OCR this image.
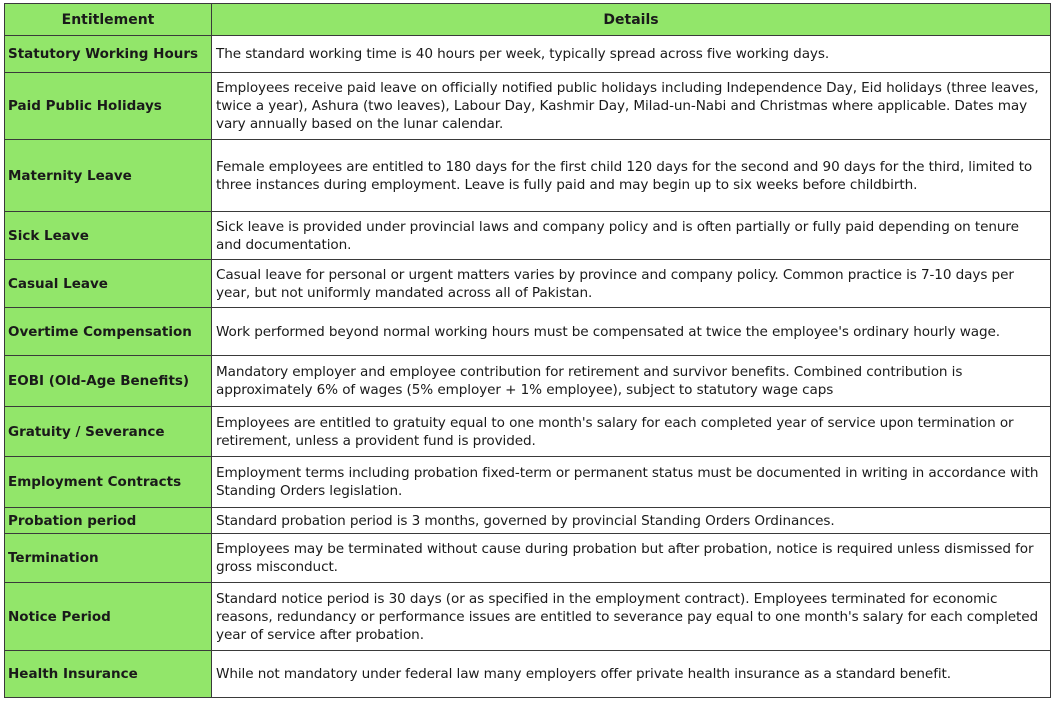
Entitlement	Details
Statutory Working Hours	The standard working time is 40 hours per week, typically spread across five working days.
Paid Public Holidays	Employees receive paid leave on officially notified public holidays including Independence Day, Eid holidays (three leaves, twice a year), Ashura (two leaves), Labour Day, Kashmir Day, Milad-un-Nabi and Christmas where applicable. Dates may vary annually based on the lunar calendar.
Maternity Leave	Female employees are entitled to 180 days for the first child 120 days for the second and 90 days for the third, limited to three instances during employment. Leave is fully paid and may begin up to six weeks before childbirth.
Sick Leave	Sick leave is provided under provincial laws and company policy and is often partially or fully paid depending on tenure and documentation.
Casual Leave	Casual leave for personal or urgent matters varies by province and company policy. Common practice is 7-10 days per year, but not uniformly mandated across all of Pakistan.
Overtime Compensation	Work performed beyond normal working hours must be compensated at twice the employee's ordinary hourly wage.
EOBI (Old-Age Benefits)	Mandatory employer and employee contribution for retirement and survivor benefits. Combined contribution is approximately 6% of wages (5% employer + 1% employee), subject to statutory wage caps
Gratuity / Severance	Employees are entitled to gratuity equal to one month's salary for each completed year of service upon termination or retirement, unless a provident fund is provided.
Employment Contracts	Employment terms including probation fixed-term or permanent status must be documented in writing in accordance with Standing Orders legislation.
Probation period	Standard probation period is 3 months, governed by provincial Standing Orders Ordinances.
Termination	Employees may be terminated without cause during probation but after probation, notice is required unless dismissed for gross misconduct.
Notice Period	Standard notice period is 30 days (or as specified in the employment contract). Employees terminated for economic reasons, redundancy or performance issues are entitled to severance pay equal to one month's salary for each completed year of service after probation.
Health Insurance	While not mandatory under federal law many employers offer private health insurance as a standard benefit.
